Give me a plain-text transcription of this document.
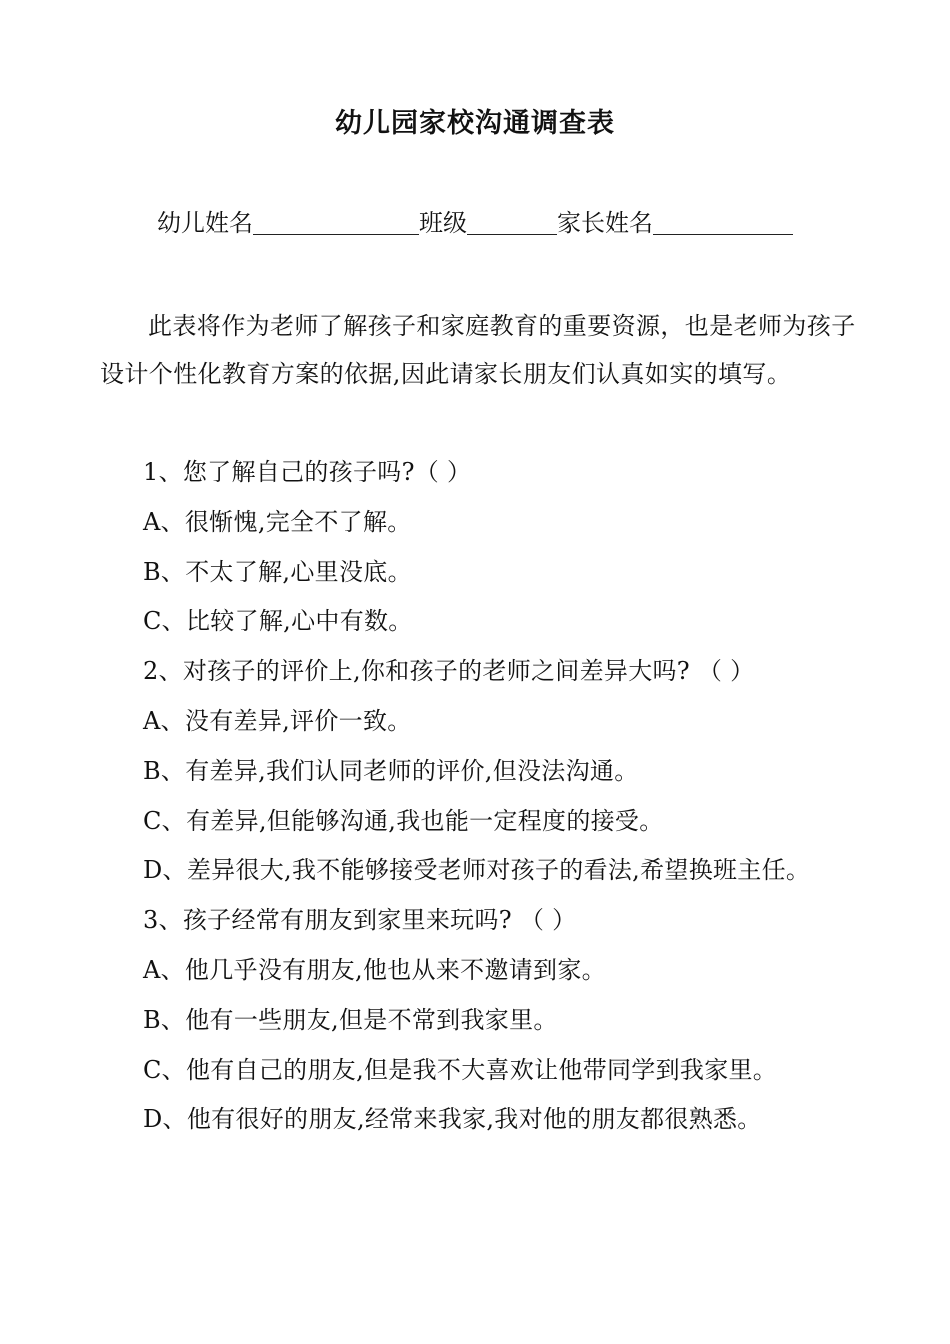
幼儿园家校沟通调查表
幼儿姓名	班级	家长姓名
此表将作为老师了解孩子和家庭教育的重要资源，也是老师为孩子设计个性化教育方案的依据,因此请家长朋友们认真如实的填写。
1、您了解自己的孩子吗?（ ）
A、很惭愧,完全不了解。
B、不太了解,心里没底。
C、比较了解,心中有数。
2、对孩子的评价上,你和孩子的老师之间差异大吗? （ ）
A、没有差异,评价一致。
B、有差异,我们认同老师的评价,但没法沟通。
C、有差异,但能够沟通,我也能一定程度的接受。
D、差异很大,我不能够接受老师对孩子的看法,希望换班主任。
3、孩子经常有朋友到家里来玩吗? （ ）
A、他几乎没有朋友,他也从来不邀请到家。
B、他有一些朋友,但是不常到我家里。
C、他有自己的朋友,但是我不大喜欢让他带同学到我家里。
D、他有很好的朋友,经常来我家,我对他的朋友都很熟悉。
